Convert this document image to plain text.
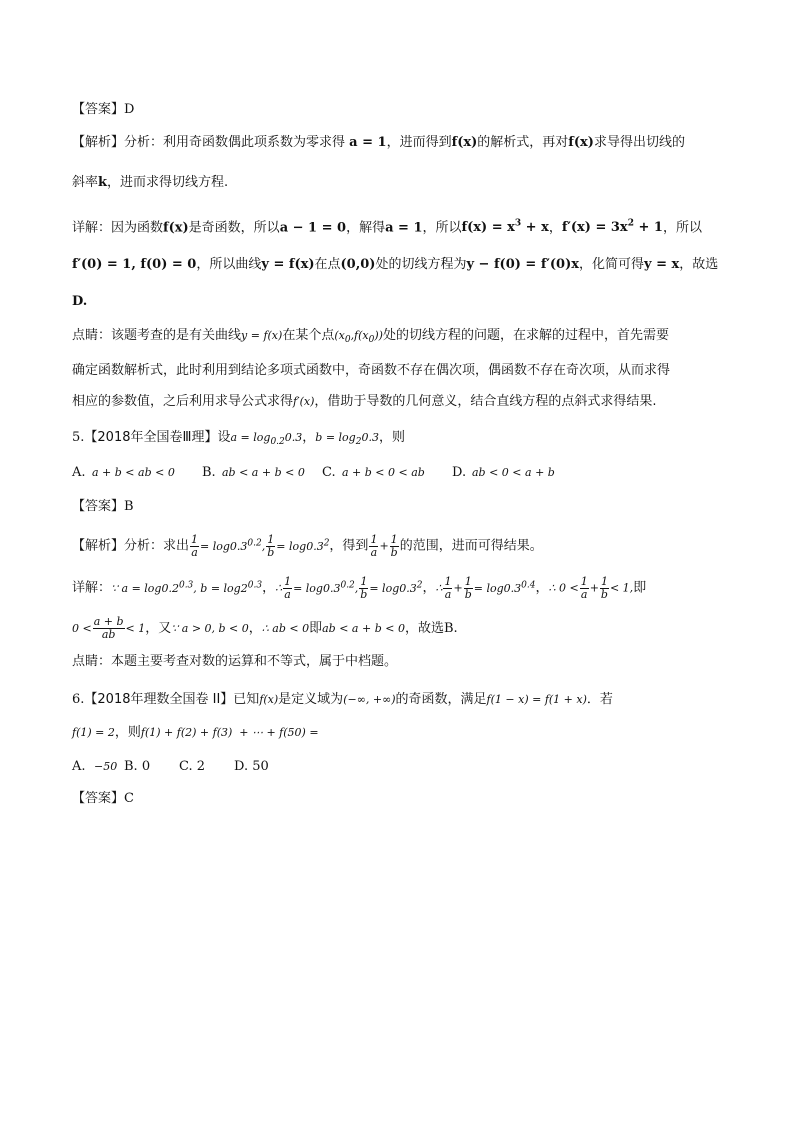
【答案】D
【解析】分析：利用奇函数偶此项系数为零求得 a = 1，进而得到f(x)的解析式，再对f(x)求导得出切线的
斜率k，进而求得切线方程.
详解：因为函数f(x)是奇函数，所以a − 1 = 0，解得a = 1，所以$f(x) = x^3 + x$，$f'(x) = 3x^2 + 1$，所以
f′(0) = 1, f(0) = 0，所以曲线y = f(x)在点(0,0)处的切线方程为y − f(0) = f′(0)x，化简可得y = x，故选
D.
点睛：该题考查的是有关曲线y = f(x)在某个点$(x_0,f(x_0))$处的切线方程的问题，在求解的过程中，首先需要
确定函数解析式，此时利用到结论多项式函数中，奇函数不存在偶次项，偶函数不存在奇次项，从而求得
相应的参数值，之后利用求导公式求得f′(x)，借助于导数的几何意义，结合直线方程的点斜式求得结果.
5.【2018年全国卷Ⅲ理】设$a = \log_{0.2}0.3$，$b = \log_20.3$，则
A. a + b < ab < 0 B. ab < a + b < 0 C. a + b < 0 < ab D. ab < 0 < a + b
【答案】B
【解析】分析：求出 $\frac{1}{a} = \log 0.3^{0.2}$, $\frac{1}{b} = \log 0.3^2$，得到 $\frac{1}{a} + \frac{1}{b}$ 的范围，进而可得结果。
详解：∵ $a = \log 0.2^{0.3}$, $b = \log 2^{0.3}$，∴ $\frac{1}{a} = \log 0.3^{0.2}$, $\frac{1}{b} = \log 0.3^2$，∴ $\frac{1}{a} + \frac{1}{b} = \log 0.3^{0.4}$，∴ $0 < \frac{1}{a} + \frac{1}{b} < 1$,即
$0 < \frac{a + b}{ab} < 1$，又∵ a > 0, b < 0，∴ ab < 0即ab < a + b < 0，故选B.
点睛：本题主要考查对数的运算和不等式，属于中档题。
6.【2018年理数全国卷 II】已知f(x)是定义域为(−∞, +∞)的奇函数，满足f(1 − x) = f(1 + x)．若
f(1) = 2，则f(1) + f(2) + f(3)  + ⋯ + f(50) =
A. −50 B. 0 C. 2 D. 50
【答案】C
